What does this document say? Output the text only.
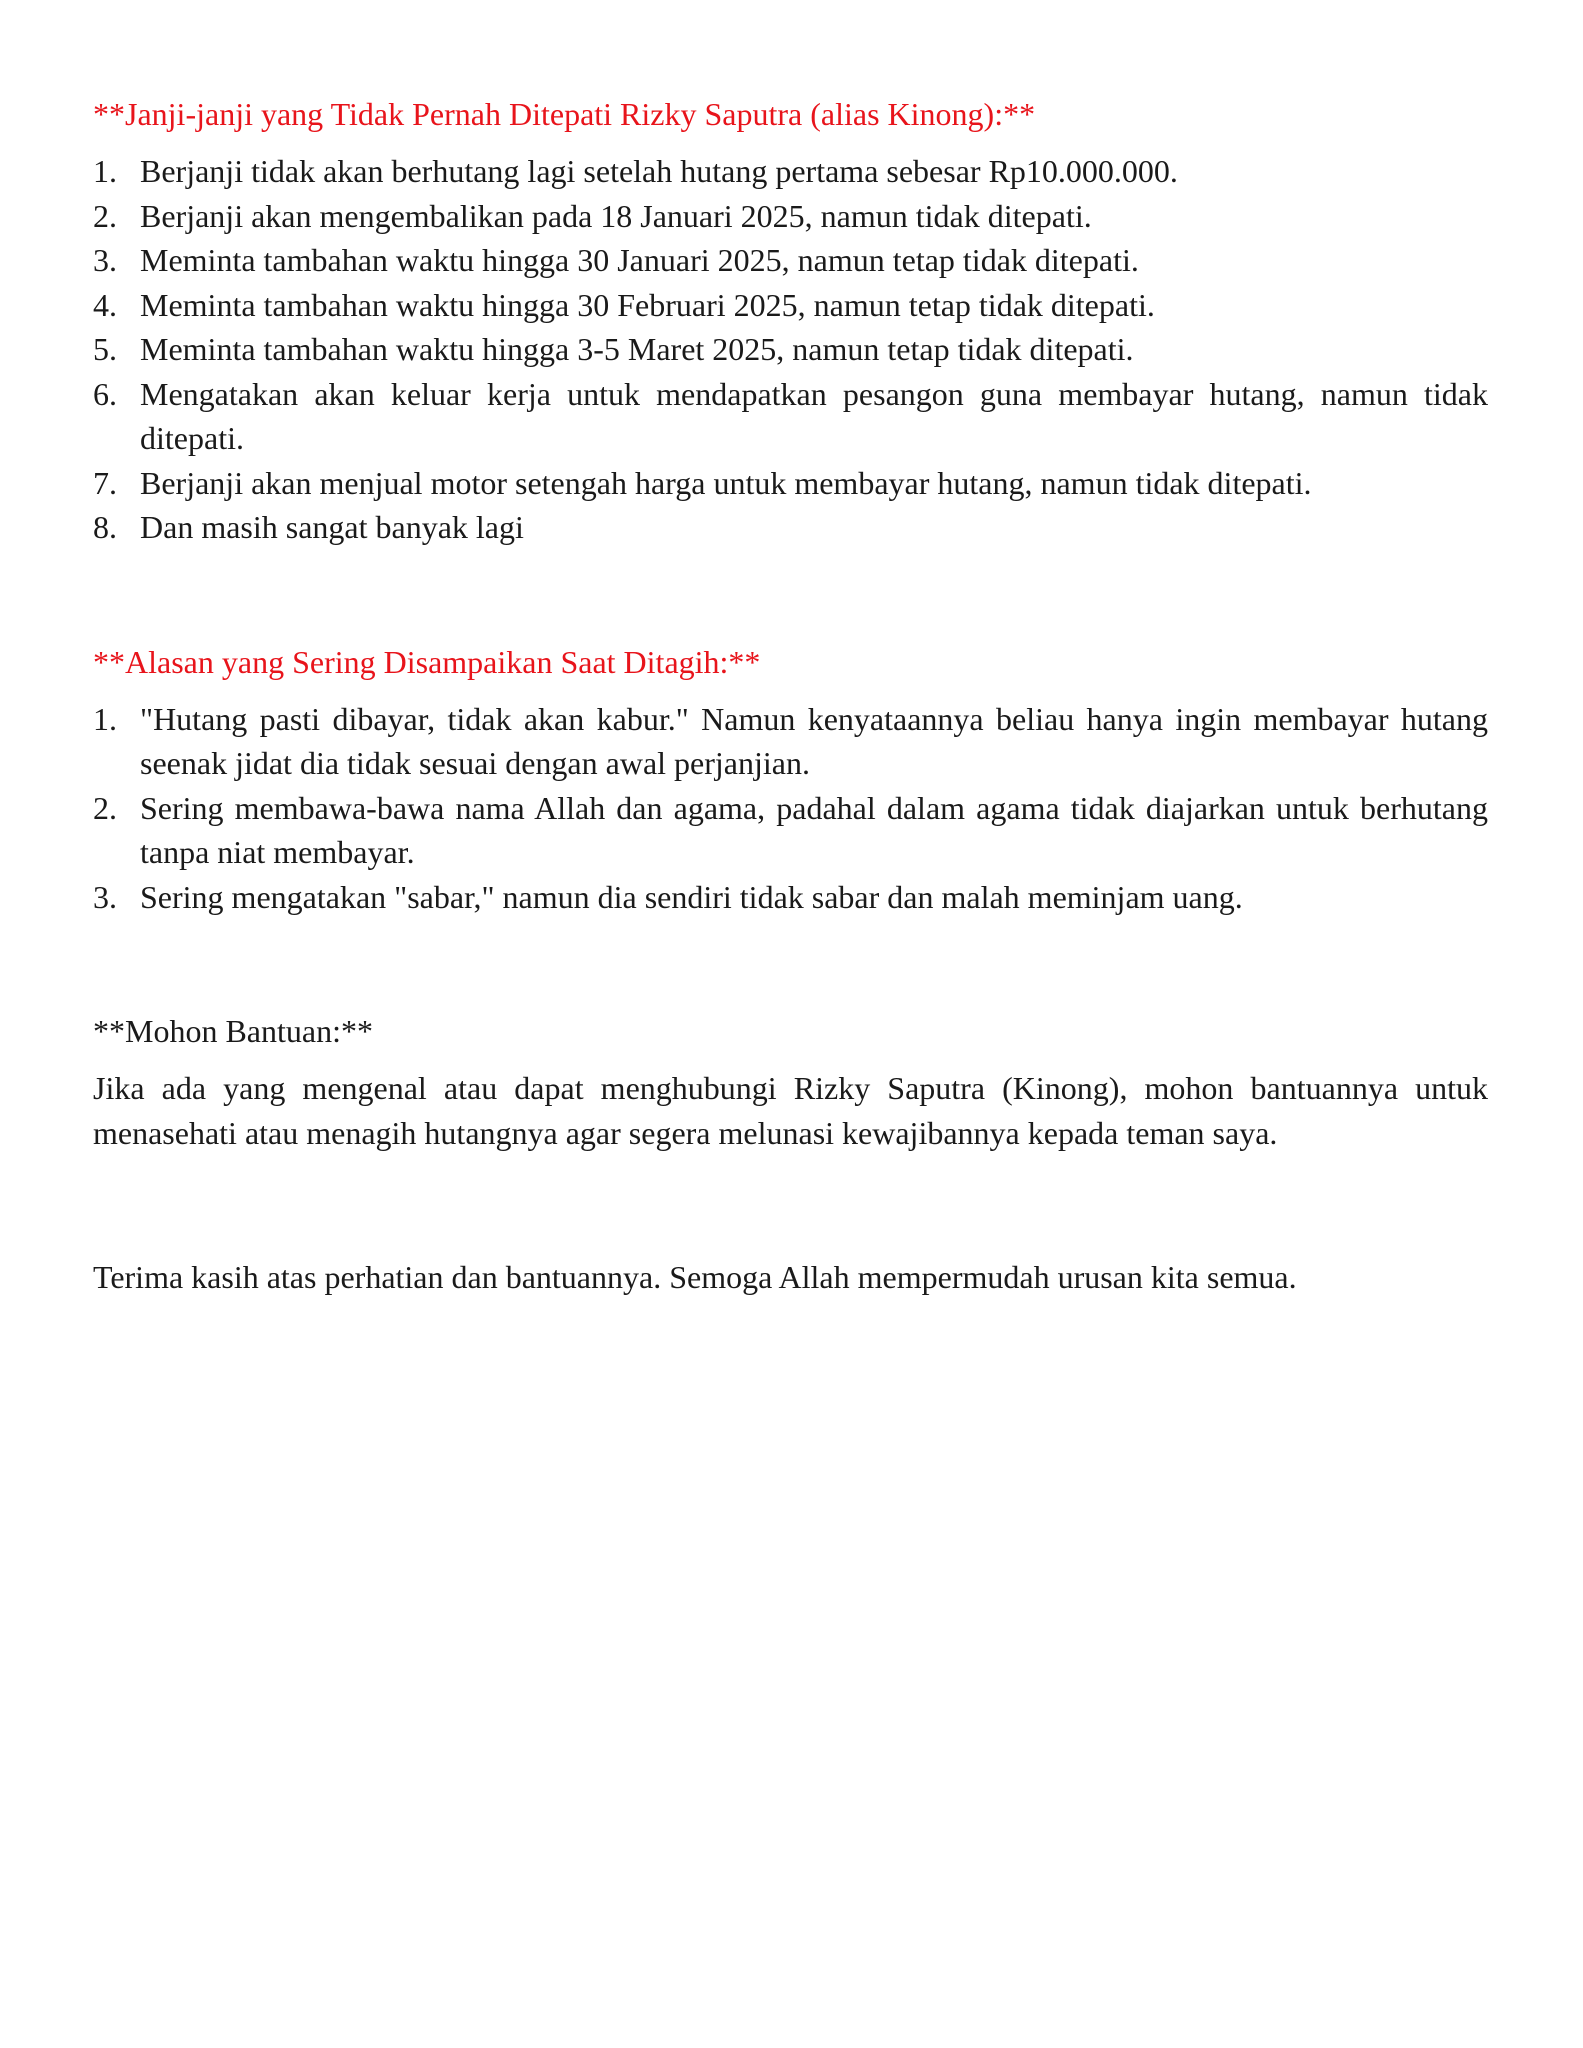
**Janji-janji yang Tidak Pernah Ditepati Rizky Saputra (alias Kinong):**
1. Berjanji tidak akan berhutang lagi setelah hutang pertama sebesar Rp10.000.000.
2. Berjanji akan mengembalikan pada 18 Januari 2025, namun tidak ditepati.
3. Meminta tambahan waktu hingga 30 Januari 2025, namun tetap tidak ditepati.
4. Meminta tambahan waktu hingga 30 Februari 2025, namun tetap tidak ditepati.
5. Meminta tambahan waktu hingga 3-5 Maret 2025, namun tetap tidak ditepati.
6. Mengatakan akan keluar kerja untuk mendapatkan pesangon guna membayar hutang, namun tidak ditepati.
7. Berjanji akan menjual motor setengah harga untuk membayar hutang, namun tidak ditepati.
8. Dan masih sangat banyak lagi
**Alasan yang Sering Disampaikan Saat Ditagih:**
1. "Hutang pasti dibayar, tidak akan kabur." Namun kenyataannya beliau hanya ingin membayar hutang seenak jidat dia tidak sesuai dengan awal perjanjian.
2. Sering membawa-bawa nama Allah dan agama, padahal dalam agama tidak diajarkan untuk berhutang tanpa niat membayar.
3. Sering mengatakan "sabar," namun dia sendiri tidak sabar dan malah meminjam uang.
**Mohon Bantuan:**

Jika ada yang mengenal atau dapat menghubungi Rizky Saputra (Kinong), mohon bantuannya untuk menasehati atau menagih hutangnya agar segera melunasi kewajibannya kepada teman saya.

Terima kasih atas perhatian dan bantuannya. Semoga Allah mempermudah urusan kita semua.
